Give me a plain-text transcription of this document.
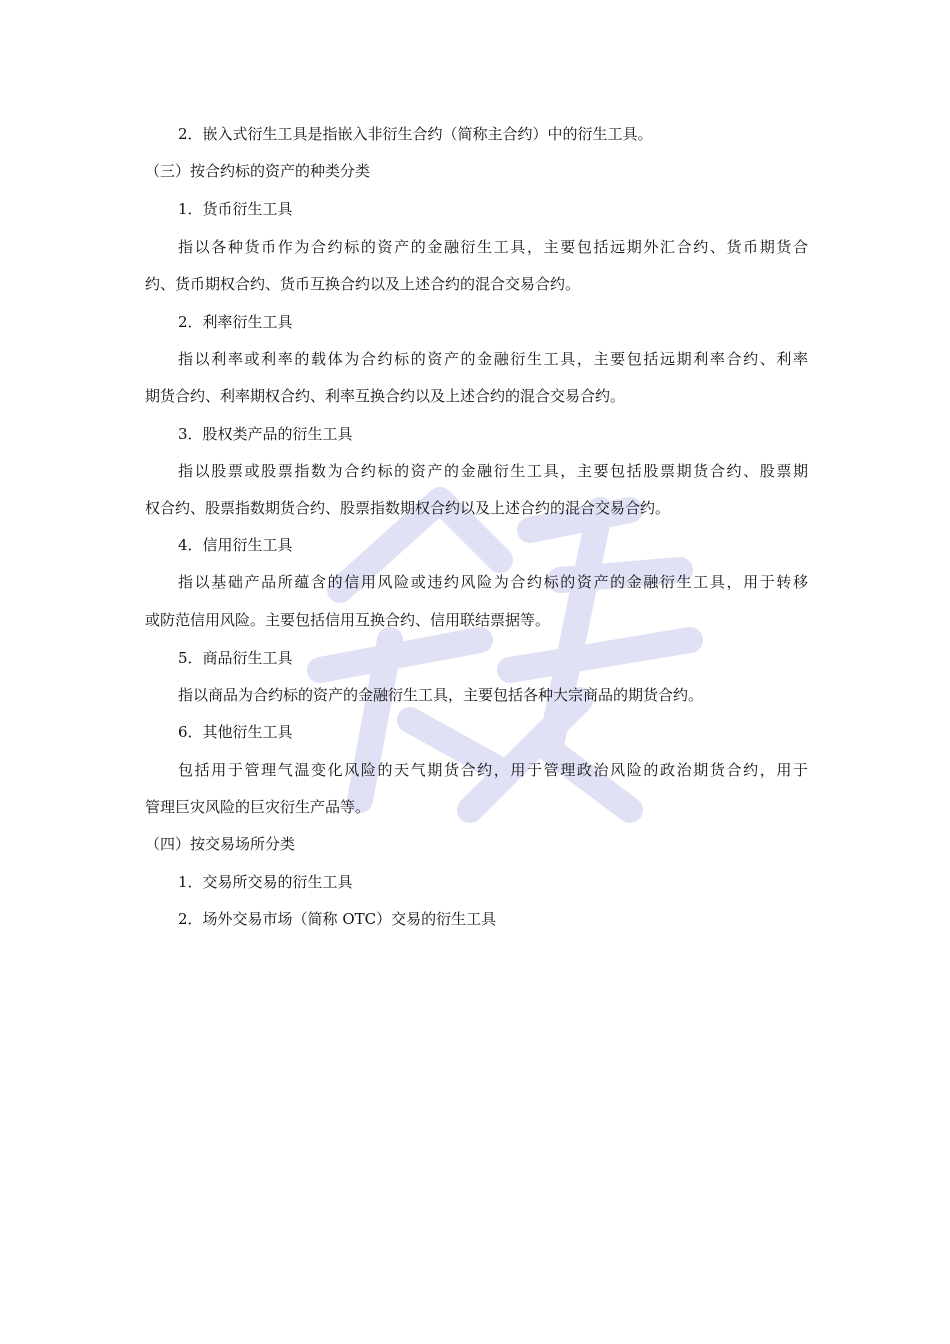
2．嵌入式衍生工具是指嵌入非衍生合约（简称主合约）中的衍生工具。
（三）按合约标的资产的种类分类
1．货币衍生工具
指以各种货币作为合约标的资产的金融衍生工具，主要包括远期外汇合约、货币期货合
约、货币期权合约、货币互换合约以及上述合约的混合交易合约。
2．利率衍生工具
指以利率或利率的载体为合约标的资产的金融衍生工具，主要包括远期利率合约、利率
期货合约、利率期权合约、利率互换合约以及上述合约的混合交易合约。
3．股权类产品的衍生工具
指以股票或股票指数为合约标的资产的金融衍生工具，主要包括股票期货合约、股票期
权合约、股票指数期货合约、股票指数期权合约以及上述合约的混合交易合约。
4．信用衍生工具
指以基础产品所蕴含的信用风险或违约风险为合约标的资产的金融衍生工具，用于转移
或防范信用风险。主要包括信用互换合约、信用联结票据等。
5．商品衍生工具
指以商品为合约标的资产的金融衍生工具，主要包括各种大宗商品的期货合约。
6．其他衍生工具
包括用于管理气温变化风险的天气期货合约，用于管理政治风险的政治期货合约，用于
管理巨灾风险的巨灾衍生产品等。
（四）按交易场所分类
1．交易所交易的衍生工具
2．场外交易市场（简称 OTC）交易的衍生工具
